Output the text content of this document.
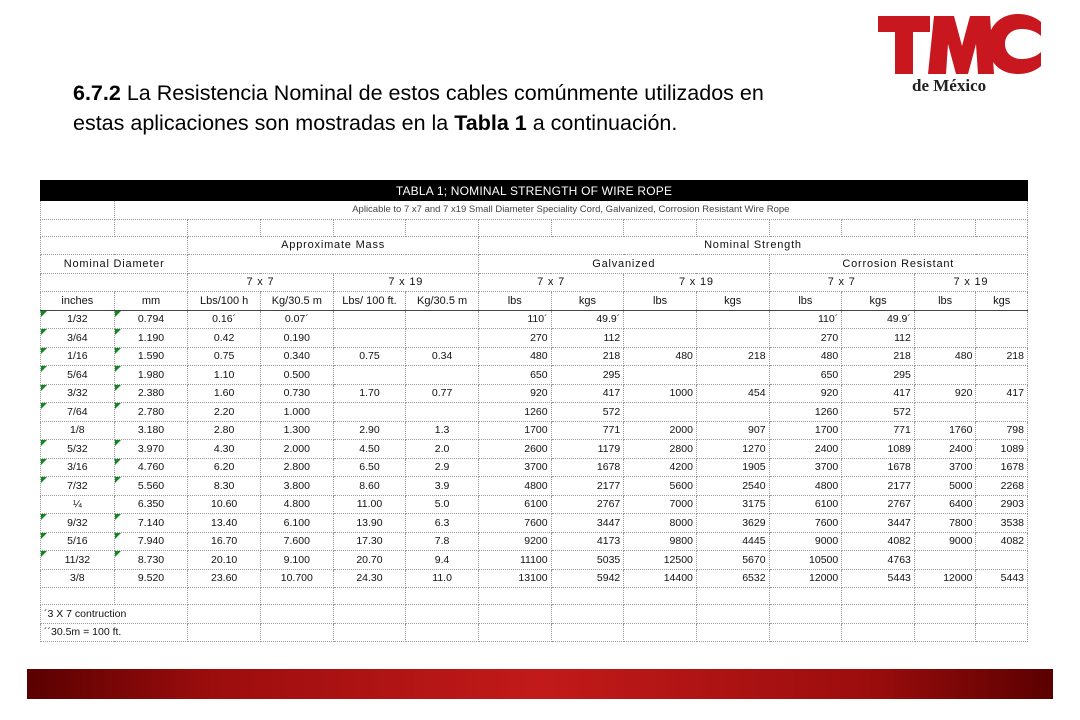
6.7.2 La Resistencia Nominal de estos cables comúnmente utilizados en estas aplicaciones son mostradas en la Tabla 1 a continuación.
de México
TABLA 1; NOMINAL STRENGTH OF WIRE ROPE													
	Aplicable to 7 x7 and 7 x19 Small Diameter Speciality Cord, Galvanized, Corrosion Resistant Wire Rope												

		Approximate Mass				Nominal Strength							
Nominal Diameter						Galvanized				Corrosion Resistant			
		7 x 7		7 x 19		7 x 7		7 x 19		7 x 7		7 x 19	
inches	mm	Lbs/100 h	Kg/30.5 m	Lbs/ 100 ft.	Kg/30.5 m	lbs	kgs	lbs	kgs	lbs	kgs	lbs	kgs
1/32	0.794	0.16´	0.07´			110´	49.9´			110´	49.9´		
3/64	1.190	0.42	0.190			270	112			270	112		
1/16	1.590	0.75	0.340	0.75	0.34	480	218	480	218	480	218	480	218
5/64	1.980	1.10	0.500			650	295			650	295		
3/32	2.380	1.60	0.730	1.70	0.77	920	417	1000	454	920	417	920	417
7/64	2.780	2.20	1.000			1260	572			1260	572		
1/8	3.180	2.80	1.300	2.90	1.3	1700	771	2000	907	1700	771	1760	798
5/32	3.970	4.30	2.000	4.50	2.0	2600	1179	2800	1270	2400	1089	2400	1089
3/16	4.760	6.20	2.800	6.50	2.9	3700	1678	4200	1905	3700	1678	3700	1678
7/32	5.560	8.30	3.800	8.60	3.9	4800	2177	5600	2540	4800	2177	5000	2268
¼	6.350	10.60	4.800	11.00	5.0	6100	2767	7000	3175	6100	2767	6400	2903
9/32	7.140	13.40	6.100	13.90	6.3	7600	3447	8000	3629	7600	3447	7800	3538
5/16	7.940	16.70	7.600	17.30	7.8	9200	4173	9800	4445	9000	4082	9000	4082
11/32	8.730	20.10	9.100	20.70	9.4	11100	5035	12500	5670	10500	4763		
3/8	9.520	23.60	10.700	24.30	11.0	13100	5942	14400	6532	12000	5443	12000	5443

´3 X 7 contruction													
´´30.5m = 100 ft.													
